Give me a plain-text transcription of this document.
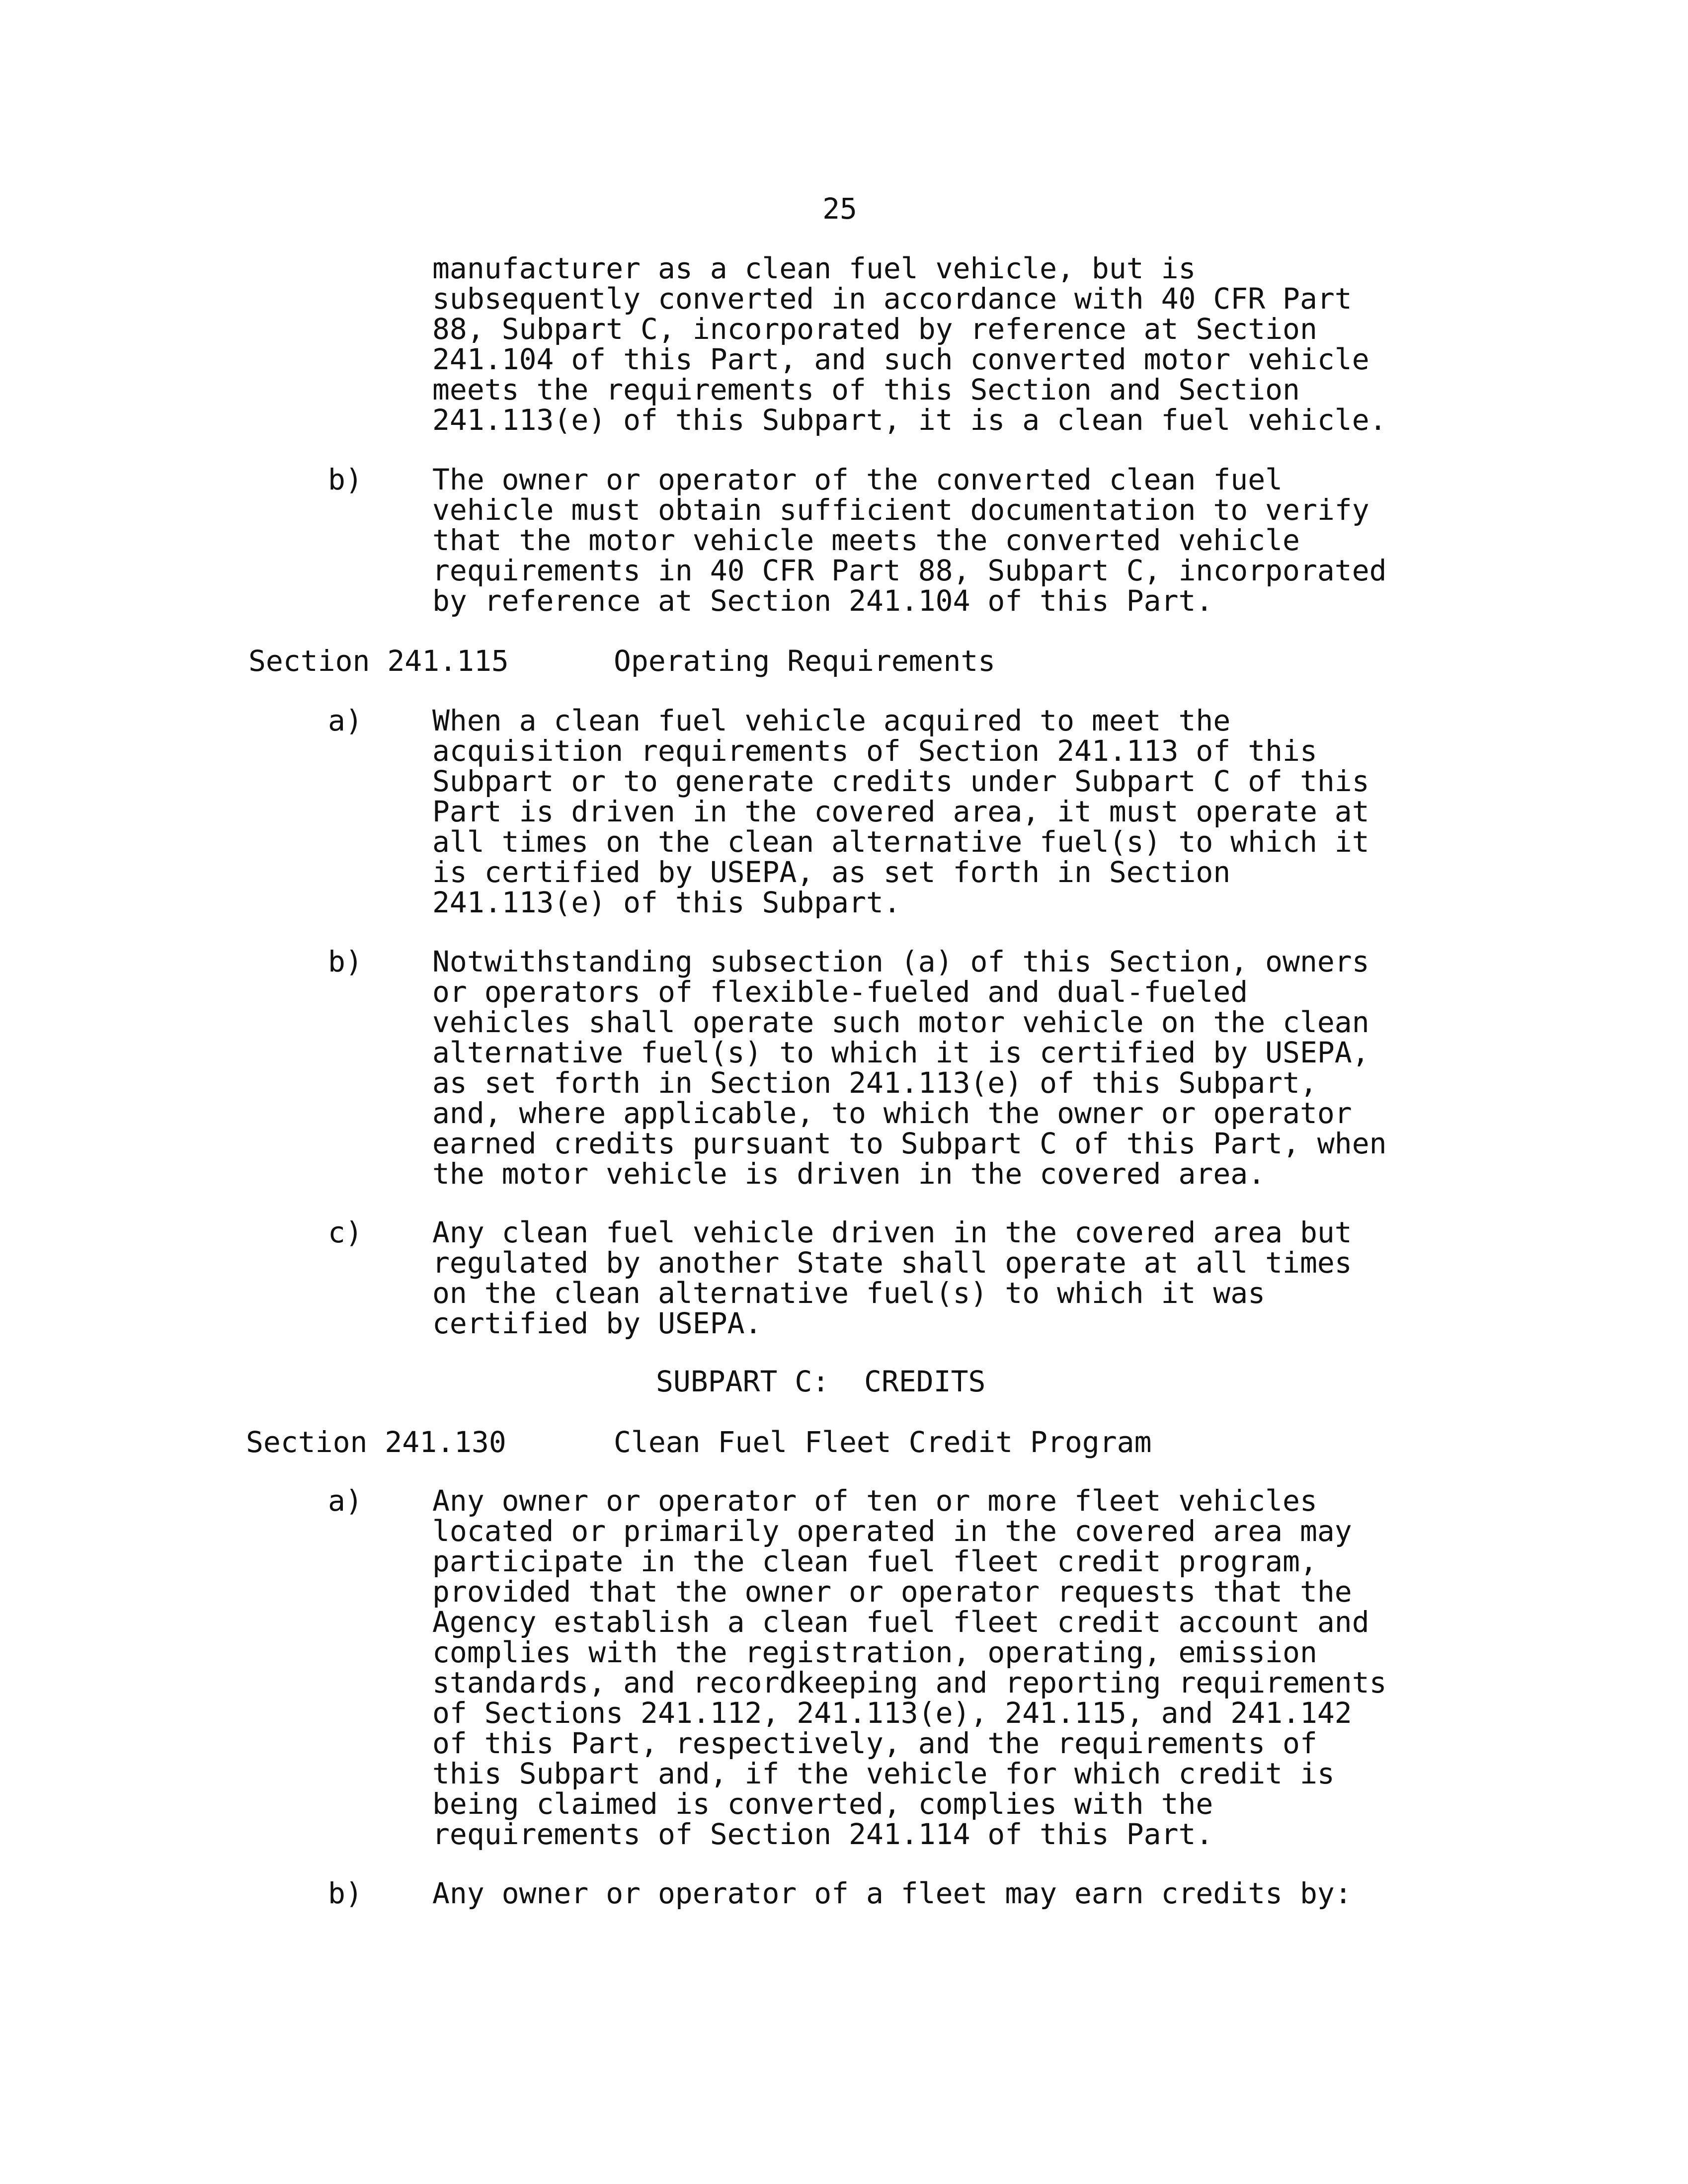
25
manufacturer as a clean fuel vehicle, but is
subsequently converted in accordance with 40 CFR Part
88, Subpart C, incorporated by reference at Section
241.104 of this Part, and such converted motor vehicle
meets the requirements of this Section and Section
241.113(e) of this Subpart, it is a clean fuel vehicle.
b) The owner or operator of the converted clean fuel
vehicle must obtain sufficient documentation to verify
that the motor vehicle meets the converted vehicle
requirements in 40 CFR Part 88, Subpart C, incorporated
by reference at Section 241.104 of this Part.
Section 241.115	Operating Requirements
a) When a clean fuel vehicle acquired to meet the
acquisition requirements of Section 241.113 of this
Subpart or to generate credits under Subpart C of this
Part is driven in the covered area, it must operate at
all times on the clean alternative fuel(s) to which it
is certified by USEPA, as set forth in Section
241.113(e) of this Subpart.
b) Notwithstanding subsection (a) of this Section, owners
or operators of flexible-fueled and dual-fueled
vehicles shall operate such motor vehicle on the clean
alternative fuel(s) to which it is certified by USEPA,
as set forth in Section 241.113(e) of this Subpart,
and, where applicable, to which the owner or operator
earned credits pursuant to Subpart C of this Part, when
the motor vehicle is driven in the covered area.
c) Any clean fuel vehicle driven in the covered area but
regulated by another State shall operate at all times
on the clean alternative fuel(s) to which it was
certified by USEPA.
SUBPART C:  CREDITS
Section 241.130	Clean Fuel Fleet Credit Program
a) Any owner or operator of ten or more fleet vehicles
located or primarily operated in the covered area may
participate in the clean fuel fleet credit program,
provided that the owner or operator requests that the
Agency establish a clean fuel fleet credit account and
complies with the registration, operating, emission
standards, and recordkeeping and reporting requirements
of Sections 241.112, 241.113(e), 241.115, and 241.142
of this Part, respectively, and the requirements of
this Subpart and, if the vehicle for which credit is
being claimed is converted, complies with the
requirements of Section 241.114 of this Part.
b) Any owner or operator of a fleet may earn credits by:
